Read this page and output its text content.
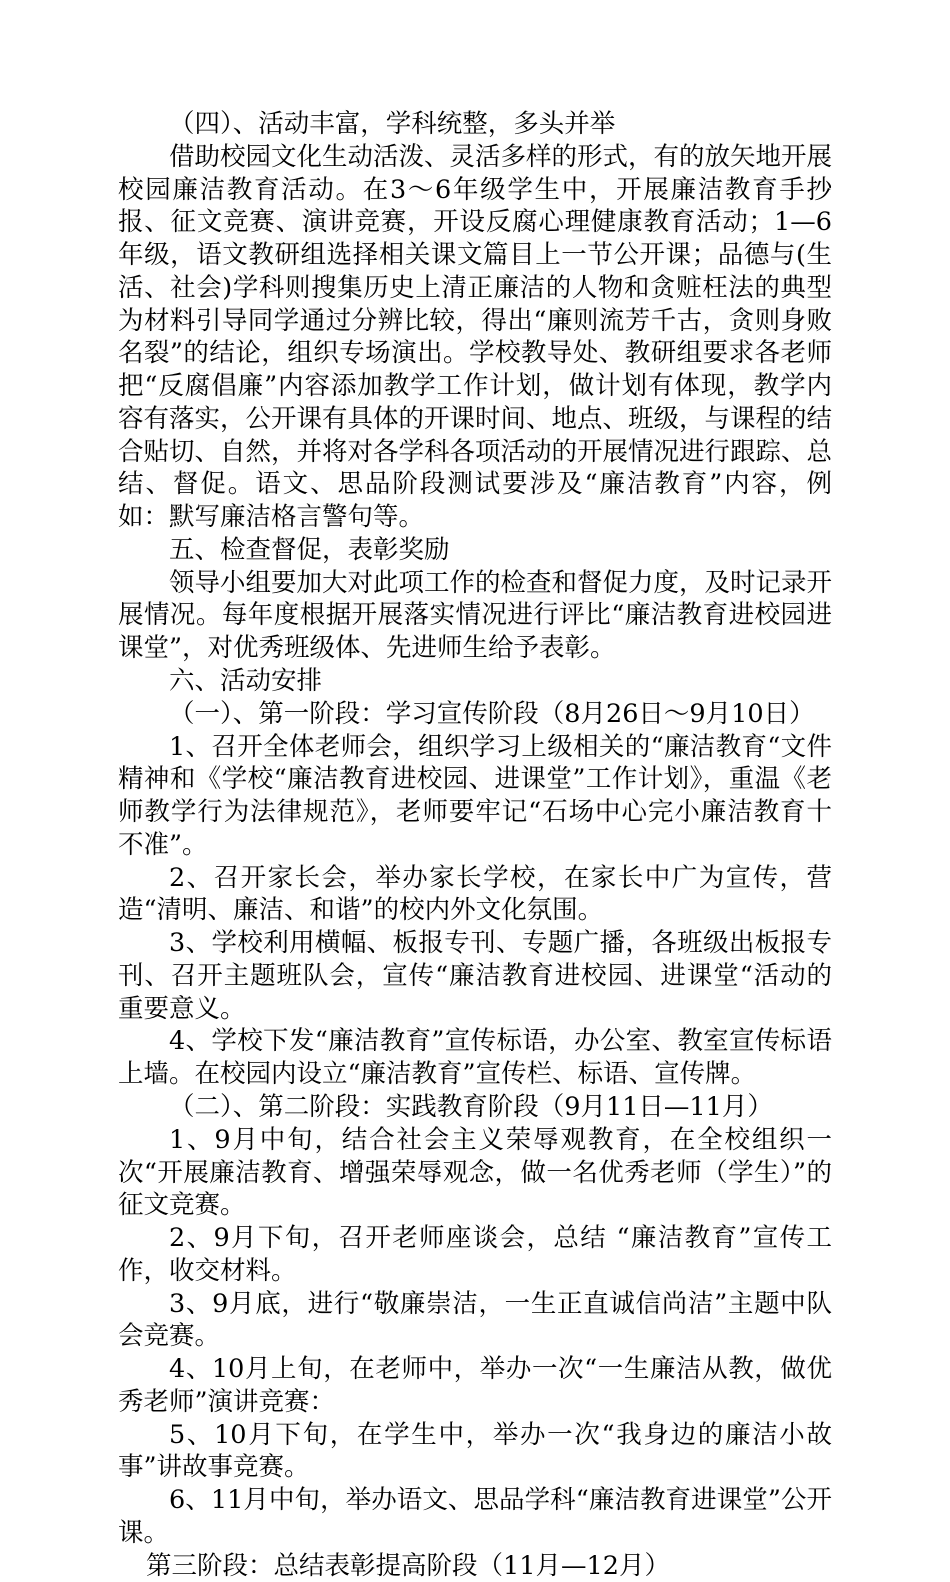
（四）、活动丰富，学科统整，多头并举

借助校园文化生动活泼、灵活多样的形式，有的放矢地开展校园廉洁教育活动。在3～6年级学生中，开展廉洁教育手抄报、征文竞赛、演讲竞赛，开设反腐心理健康教育活动；1—6年级，语文教研组选择相关课文篇目上一节公开课；品德与(生活、社会)学科则搜集历史上清正廉洁的人物和贪赃枉法的典型为材料引导同学通过分辨比较，得出“廉则流芳千古，贪则身败名裂”的结论，组织专场演出。学校教导处、教研组要求各老师把“反腐倡廉”内容添加教学工作计划，做计划有体现，教学内容有落实，公开课有具体的开课时间、地点、班级，与课程的结合贴切、自然，并将对各学科各项活动的开展情况进行跟踪、总结、督促。语文、思品阶段测试要涉及“廉洁教育”内容，例如：默写廉洁格言警句等。

五、检查督促，表彰奖励

领导小组要加大对此项工作的检查和督促力度，及时记录开展情况。每年度根据开展落实情况进行评比“廉洁教育进校园进课堂”，对优秀班级体、先进师生给予表彰。

六、活动安排

（一）、第一阶段：学习宣传阶段（8月26日～9月10日）

1、召开全体老师会，组织学习上级相关的“廉洁教育“文件精神和《学校“廉洁教育进校园、进课堂”工作计划》，重温《老师教学行为法律规范》，老师要牢记“石场中心完小廉洁教育十不准”。

2、召开家长会，举办家长学校，在家长中广为宣传，营造“清明、廉洁、和谐”的校内外文化氛围。

3、学校利用横幅、板报专刊、专题广播，各班级出板报专刊、召开主题班队会，宣传“廉洁教育进校园、进课堂“活动的重要意义。

4、学校下发“廉洁教育”宣传标语，办公室、教室宣传标语上墙。在校园内设立“廉洁教育”宣传栏、标语、宣传牌。

（二）、第二阶段：实践教育阶段（9月11日—11月）

1、9月中旬，结合社会主义荣辱观教育，在全校组织一次“开展廉洁教育、增强荣辱观念，做一名优秀老师（学生）”的征文竞赛。

2、9月下旬，召开老师座谈会，总结 “廉洁教育”宣传工作，收交材料。

3、9月底，进行“敬廉崇洁，一生正直诚信尚洁”主题中队会竞赛。

4、10月上旬，在老师中，举办一次“一生廉洁从教，做优秀老师”演讲竞赛：

5、10月下旬，在学生中，举办一次“我身边的廉洁小故事”讲故事竞赛。

6、11月中旬，举办语文、思品学科“廉洁教育进课堂”公开课。

第三阶段：总结表彰提高阶段（11月—12月）
